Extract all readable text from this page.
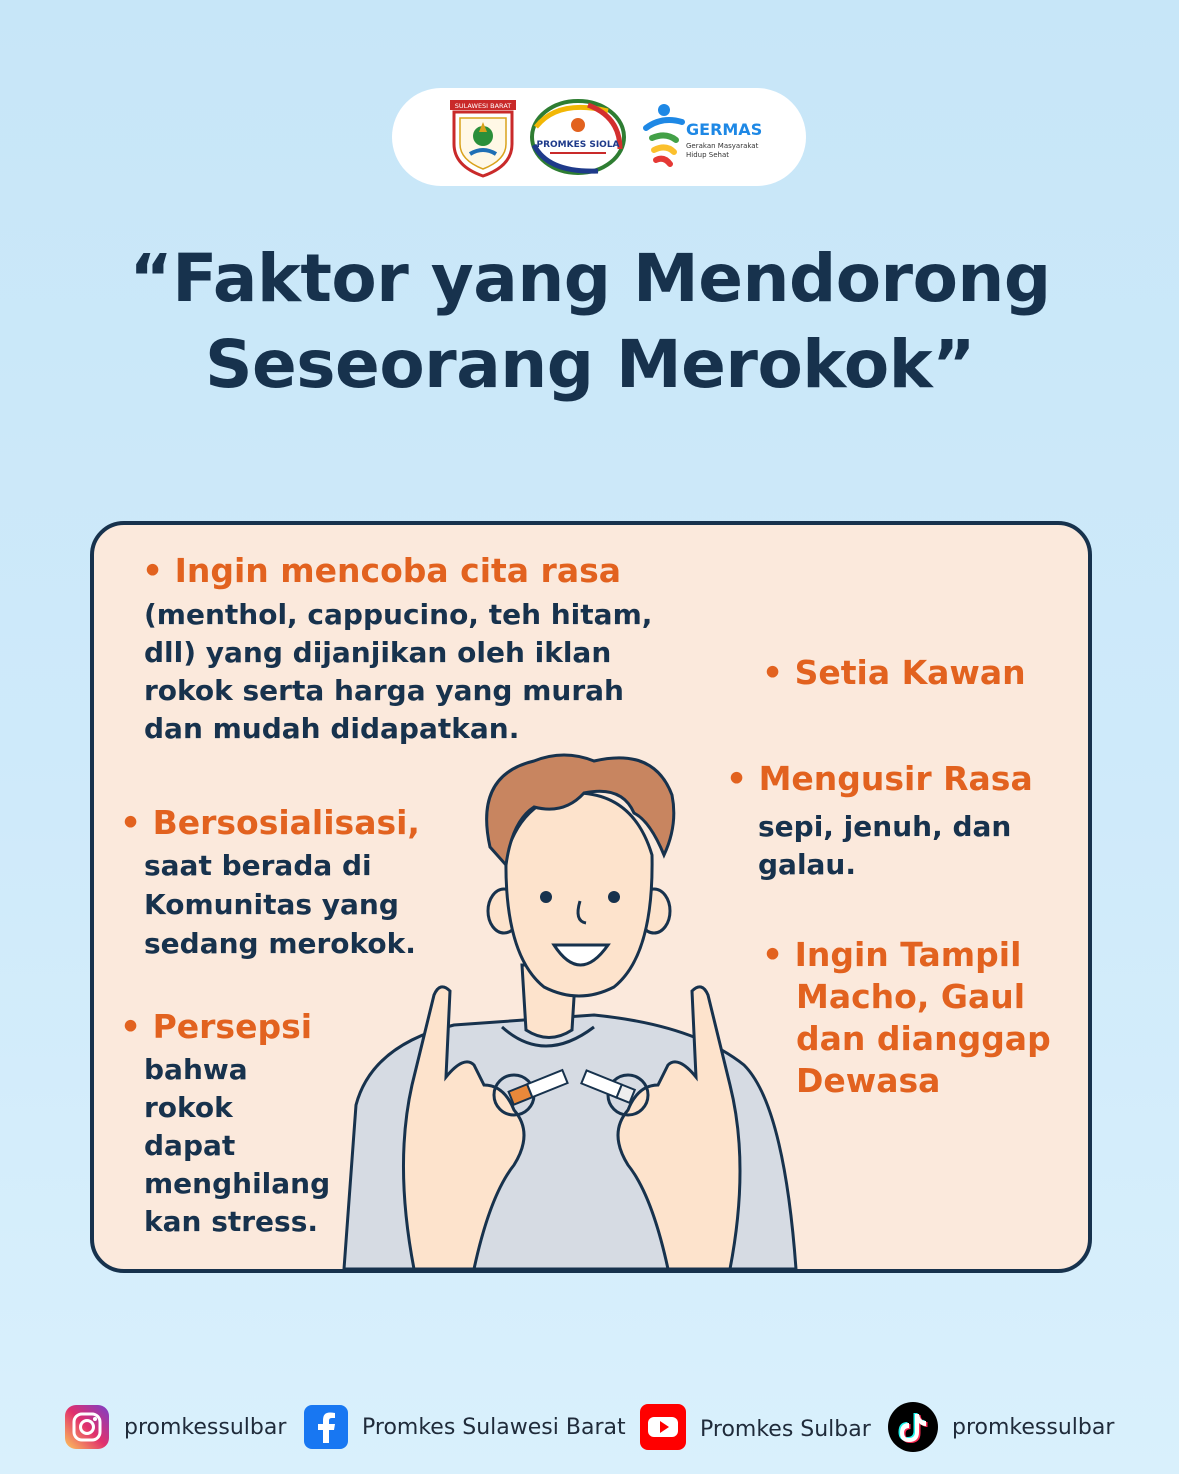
SULAWESI BARAT
PROMKES SIOLA
GERMAS
Gerakan Masyarakat
Hidup Sehat
“Faktor yang Mendorong
Seseorang Merokok”
• Ingin mencoba cita rasa
(menthol, cappucino, teh hitam,
dll) yang dijanjikan oleh iklan
rokok serta harga yang murah
dan mudah didapatkan.
• Bersosialisasi,
saat berada di
Komunitas yang
sedang merokok.
• Persepsi
bahwa
rokok
dapat
menghilang
kan stress.
• Setia Kawan
• Mengusir Rasa
sepi, jenuh, dan
galau.
• Ingin Tampil
Macho, Gaul
dan dianggap
Dewasa
promkessulbar	Promkes Sulawesi Barat	Promkes Sulbar	promkessulbar
